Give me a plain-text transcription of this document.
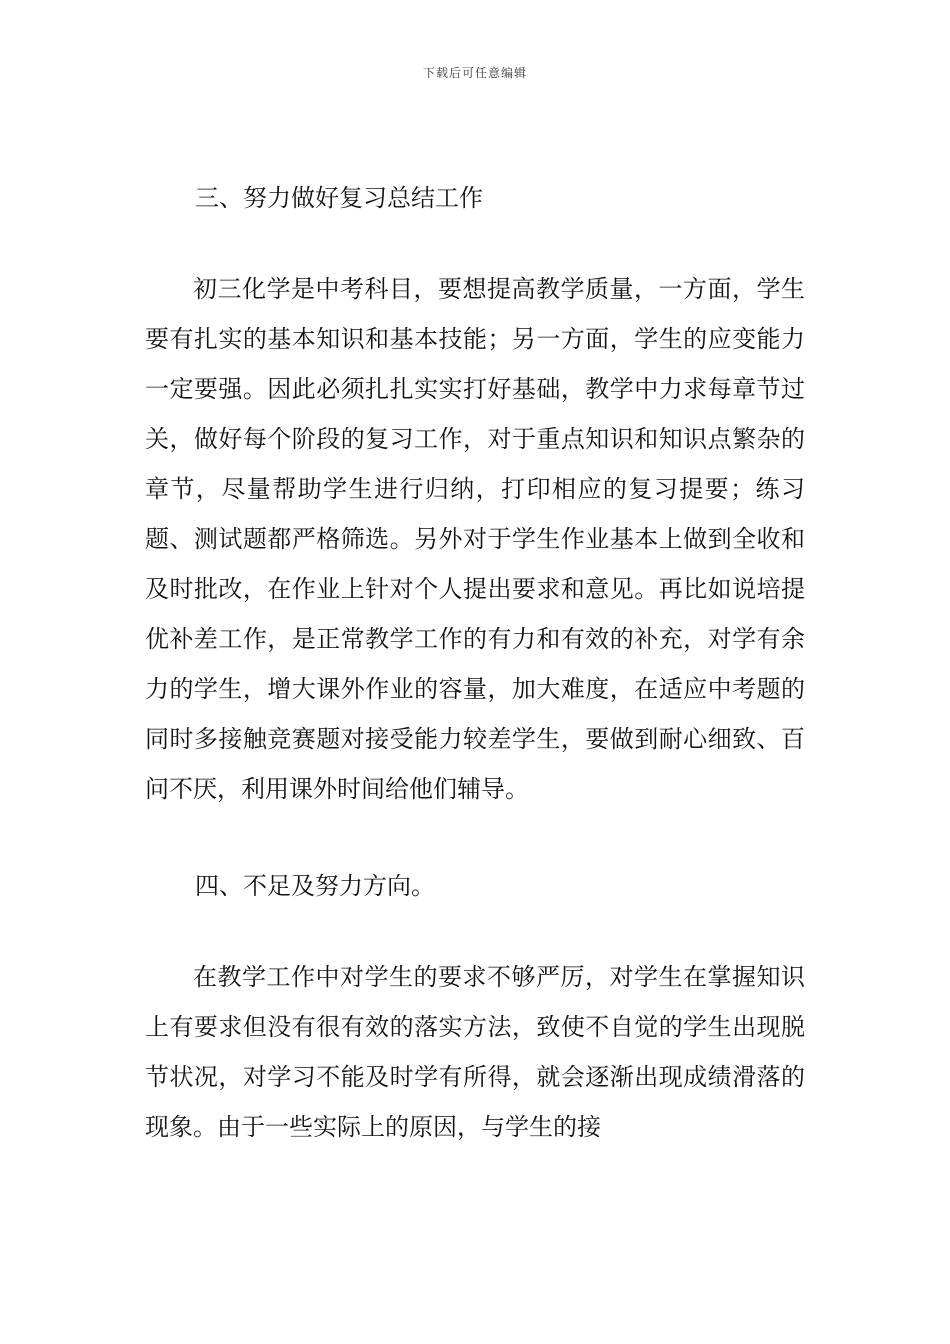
下载后可任意编辑
三、努力做好复习总结工作

初三化学是中考科目，要想提高教学质量，一方面，学生要有扎实的基本知识和基本技能；另一方面，学生的应变能力一定要强。因此必须扎扎实实打好基础，教学中力求每章节过关，做好每个阶段的复习工作，对于重点知识和知识点繁杂的章节，尽量帮助学生进行归纳，打印相应的复习提要；练习题、测试题都严格筛选。另外对于学生作业基本上做到全收和及时批改，在作业上针对个人提出要求和意见。再比如说培提优补差工作，是正常教学工作的有力和有效的补充，对学有余力的学生，增大课外作业的容量，加大难度，在适应中考题的同时多接触竞赛题对接受能力较差学生，要做到耐心细致、百问不厌，利用课外时间给他们辅导。

四、不足及努力方向。

在教学工作中对学生的要求不够严厉，对学生在掌握知识上有要求但没有很有效的落实方法，致使不自觉的学生出现脱节状况，对学习不能及时学有所得，就会逐渐出现成绩滑落的现象。由于一些实际上的原因，与学生的接
